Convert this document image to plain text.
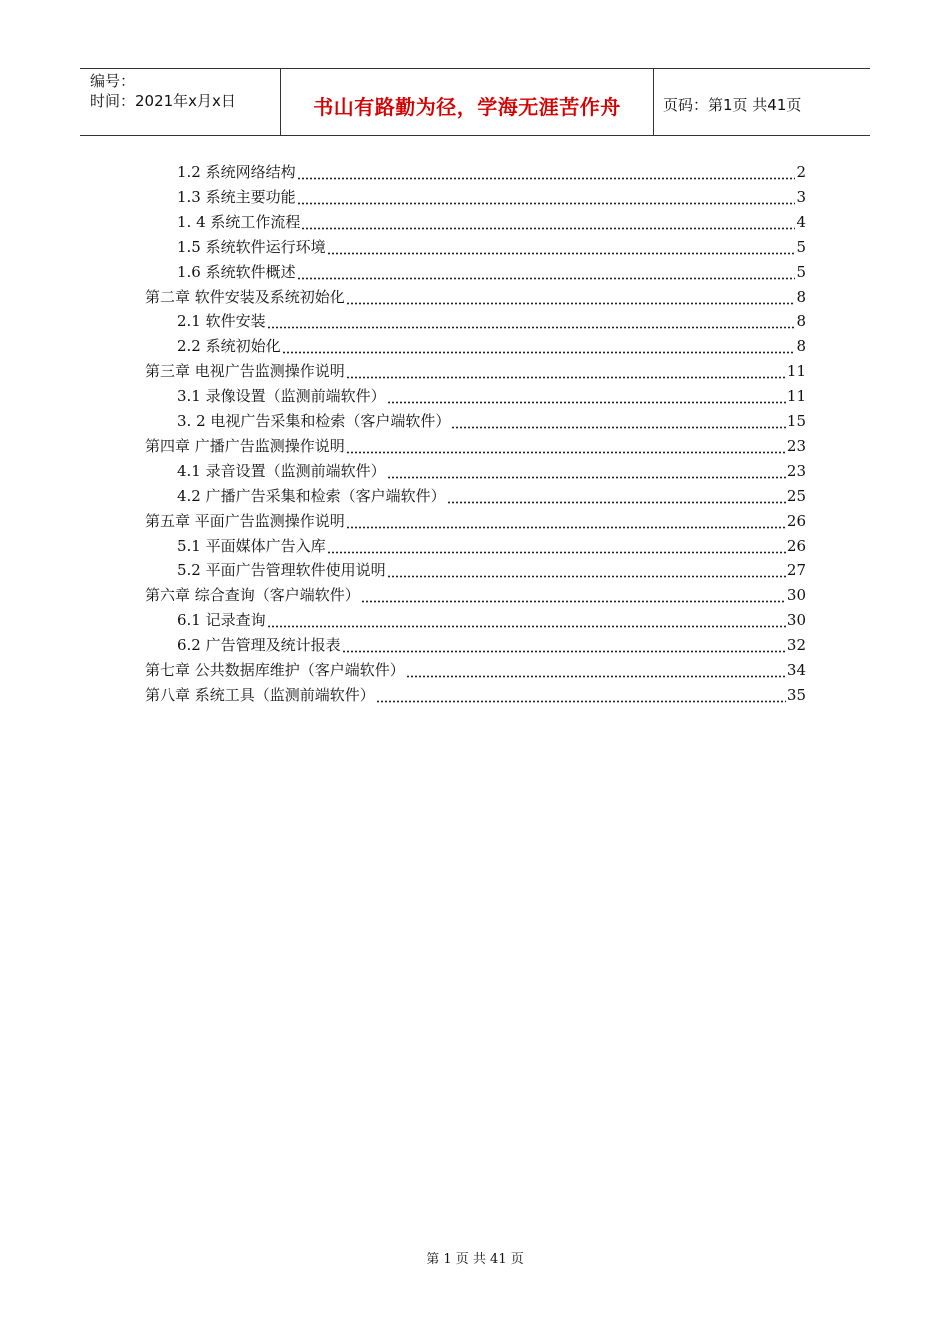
编号：
时间：2021年x月x日	书山有路勤为径，学海无涯苦作舟	页码：第1页 共41页
1.2 系统网络结构	2
1.3 系统主要功能	3
1. 4 系统工作流程	4
1.5 系统软件运行环境	5
1.6 系统软件概述	5
第二章 软件安装及系统初始化	8
2.1 软件安装	8
2.2 系统初始化	8
第三章 电视广告监测操作说明	11
3.1 录像设置（监测前端软件）	11
3. 2 电视广告采集和检索（客户端软件）	15
第四章 广播广告监测操作说明	23
4.1 录音设置（监测前端软件）	23
4.2 广播广告采集和检索（客户端软件）	25
第五章 平面广告监测操作说明	26
5.1 平面媒体广告入库	26
5.2 平面广告管理软件使用说明	27
第六章 综合查询（客户端软件）	30
6.1 记录查询	30
6.2 广告管理及统计报表	32
第七章 公共数据库维护（客户端软件）	34
第八章 系统工具（监测前端软件）	35
第 1 页 共 41 页
